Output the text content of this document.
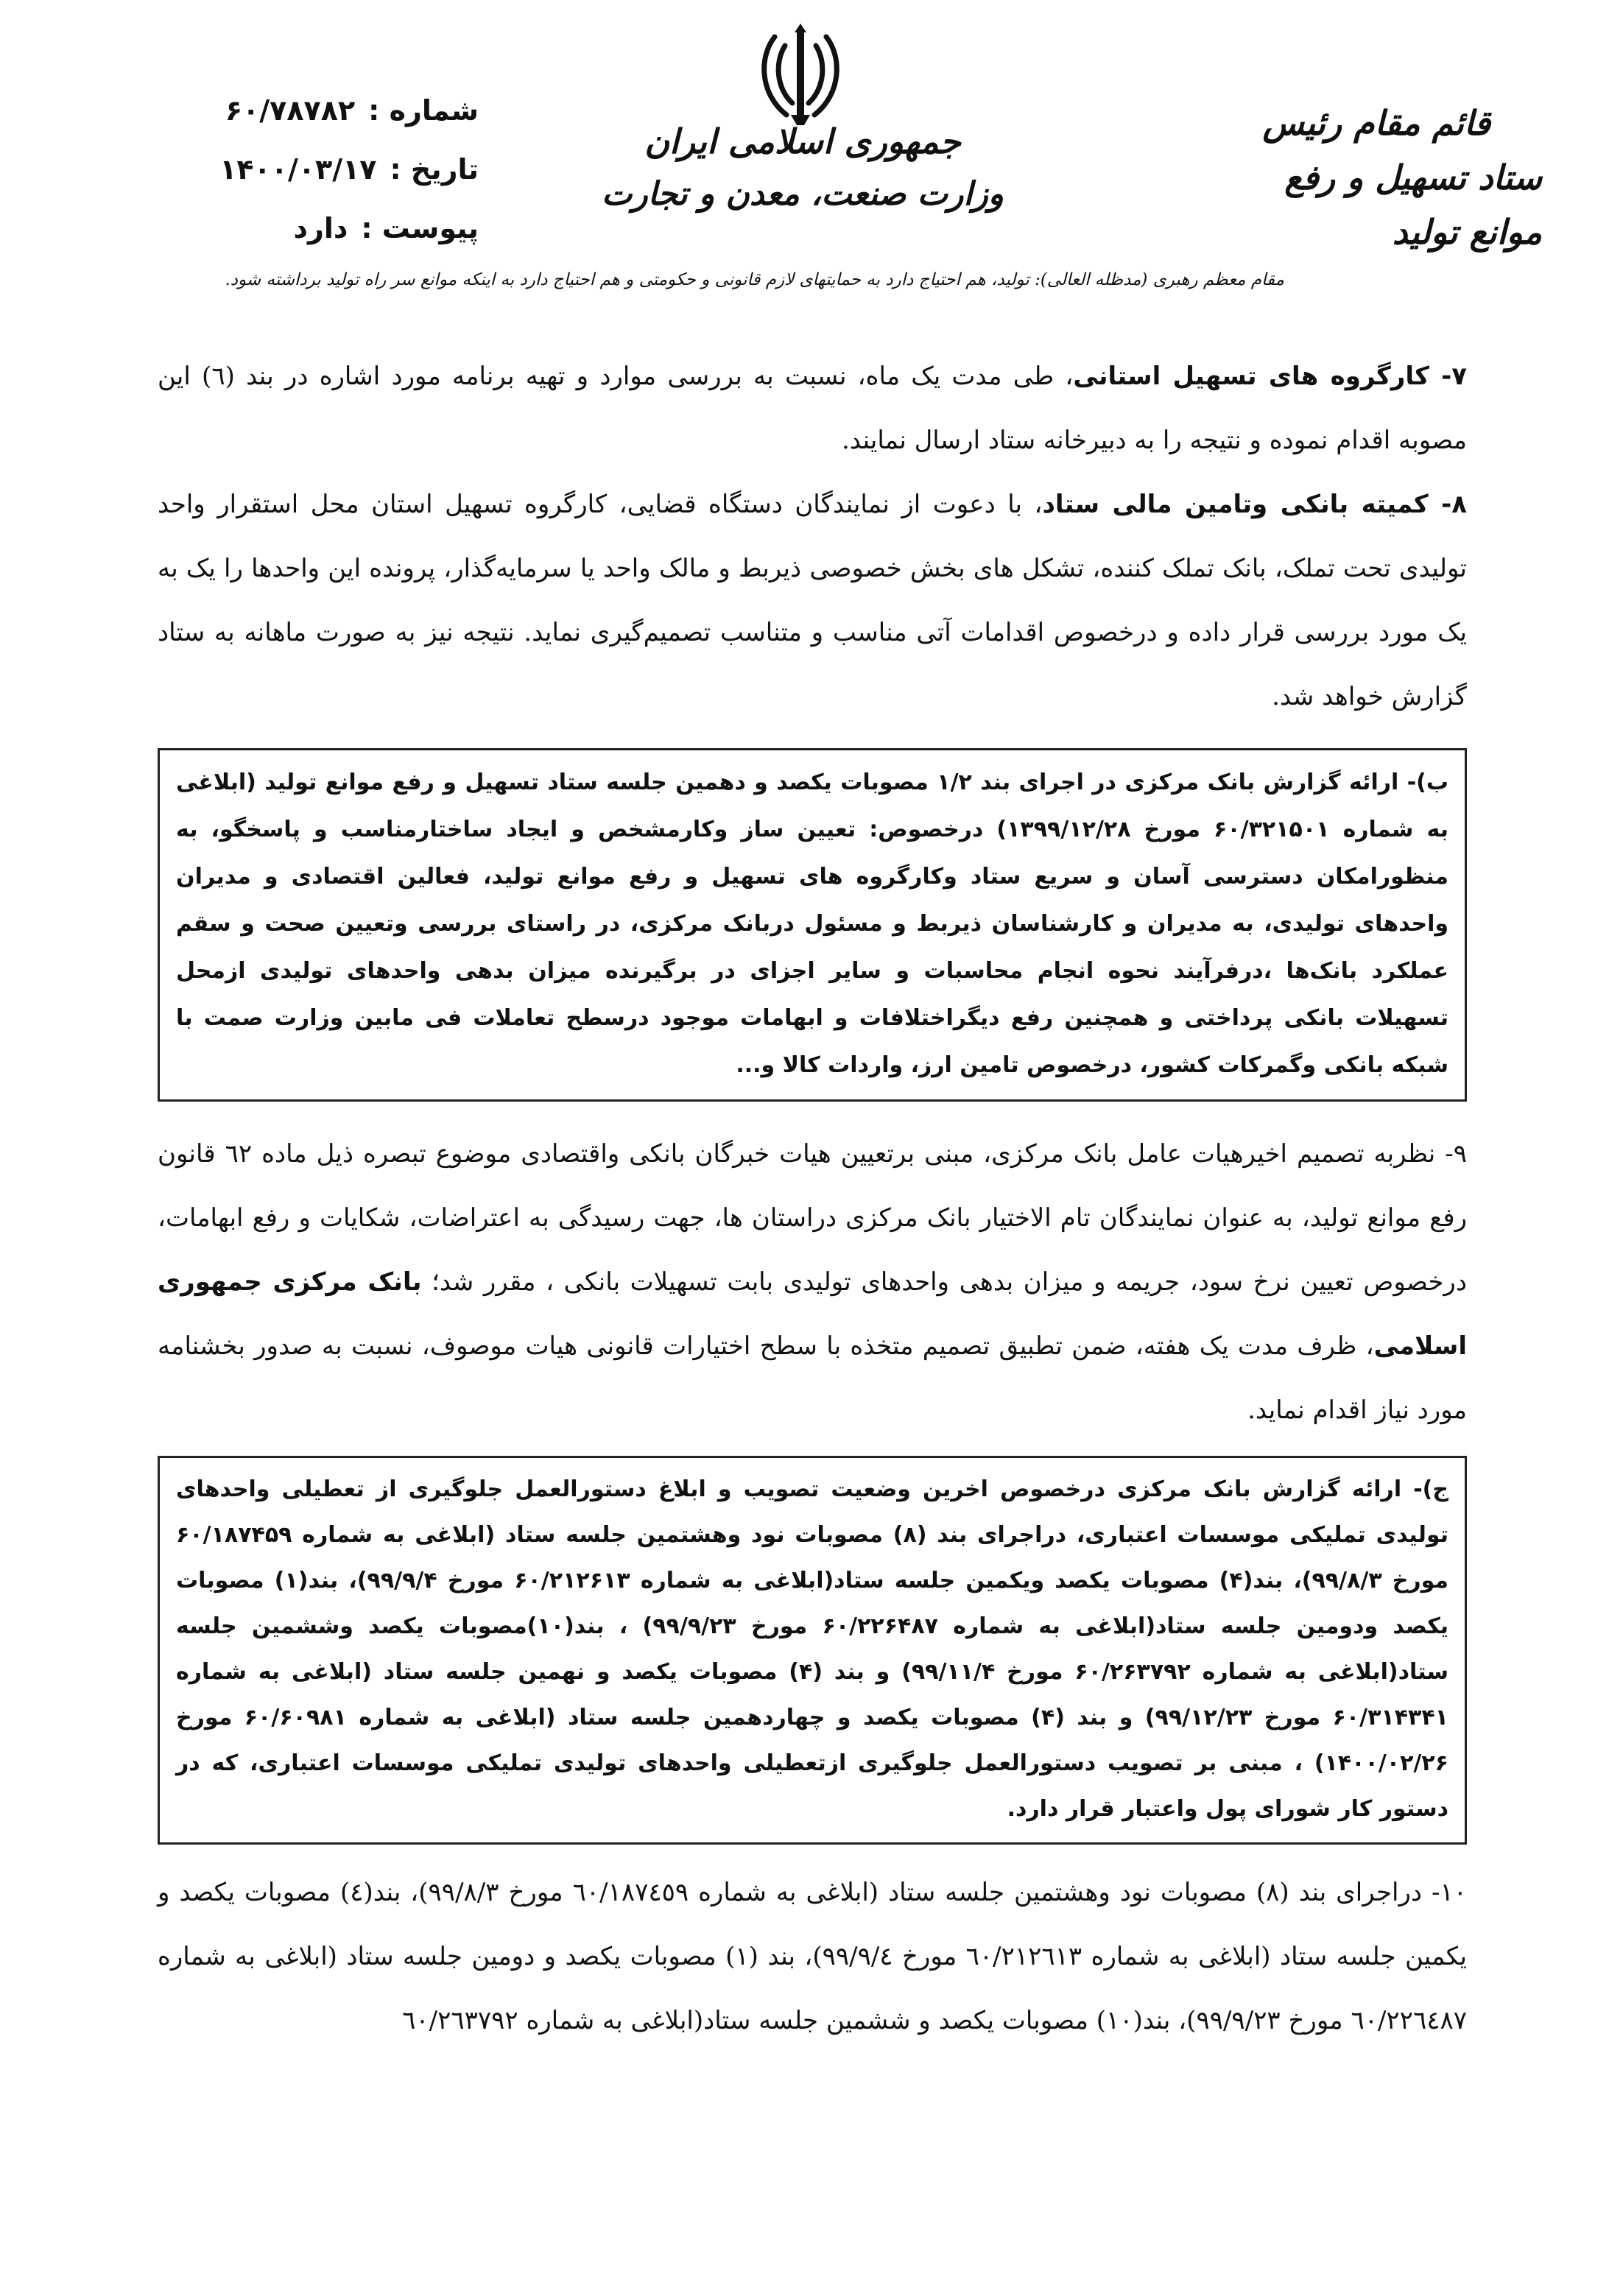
شماره :
۶۰/۷۸۷۸۲
تاریخ :
۱۴۰۰/۰۳/۱۷
پیوست :
دارد
جمهوری اسلامی ایران
وزارت صنعت، معدن و تجارت
قائم مقام رئیس
ستاد تسهیل و رفع موانع تولید
مقام معظم رهبری (مدظله العالی): تولید، هم احتیاج دارد به حمایتهای لازم قانونی و حکومتی و هم احتیاج دارد به اینکه موانع سر راه تولید برداشته شود.

۷- کارگروه های تسهیل استانی، طی مدت یک ماه، نسبت به بررسی موارد و تهیه برنامه مورد اشاره در بند (٦) این مصوبه اقدام نموده و نتیجه را به دبیرخانه ستاد ارسال نمایند.

۸- کمیته بانکی وتامین مالی ستاد، با دعوت از نمایندگان دستگاه قضایی، کارگروه تسهیل استان محل استقرار واحد تولیدی تحت تملک، بانک تملک کننده، تشکل های بخش خصوصی ذیربط و مالک واحد یا سرمایه‌گذار، پرونده این واحدها را یک به یک مورد بررسی قرار داده و درخصوص اقدامات آتی مناسب و متناسب تصمیم‌گیری نماید. نتیجه نیز به صورت ماهانه به ستاد گزارش خواهد شد.

ب)- ارائه گزارش بانک مرکزی در اجرای بند ۱/۲ مصوبات یکصد و دهمین جلسه ستاد تسهیل و رفع موانع تولید (ابلاغی به شماره ۶۰/۳۲۱۵۰۱ مورخ ۱۳۹۹/۱۲/۲۸) درخصوص: تعیین ساز وکارمشخص و ایجاد ساختارمناسب و پاسخگو، به منظورامکان دسترسی آسان و سریع ستاد وکارگروه های تسهیل و رفع موانع تولید، فعالین اقتصادی و مدیران واحدهای تولیدی، به مدیران و کارشناسان ذیربط و مسئول دربانک مرکزی، در راستای بررسی وتعیین صحت و سقم عملکرد بانک‌ها ،درفرآیند نحوه انجام محاسبات و سایر اجزای در برگیرنده میزان بدهی واحدهای تولیدی ازمحل تسهیلات بانکی پرداختی و همچنین رفع دیگراختلافات و ابهامات موجود درسطح تعاملات فی مابین وزارت صمت با شبکه بانکی وگمرکات کشور، درخصوص تامین ارز، واردات کالا و...

۹- نظربه تصمیم اخیرهیات عامل بانک مرکزی، مبنی برتعیین هیات خبرگان بانکی واقتصادی موضوع تبصره ذیل ماده ٦٢ قانون رفع موانع تولید، به عنوان نمایندگان تام الاختیار بانک مرکزی دراستان ها، جهت رسیدگی به اعتراضات، شکایات و رفع ابهامات، درخصوص تعیین نرخ سود، جریمه و میزان بدهی واحدهای تولیدی بابت تسهیلات بانکی ، مقرر شد؛ بانک مرکزی جمهوری اسلامی، ظرف مدت یک هفته، ضمن تطبیق تصمیم متخذه با سطح اختیارات قانونی هیات موصوف، نسبت به صدور بخشنامه مورد نیاز اقدام نماید.

ج)- ارائه گزارش بانک مرکزی درخصوص اخرین وضعیت تصویب و ابلاغ دستورالعمل جلوگیری از تعطیلی واحدهای تولیدی تملیکی موسسات اعتباری، دراجرای بند (۸) مصوبات نود وهشتمین جلسه ستاد (ابلاغی به شماره ۶۰/۱۸۷۴۵۹ مورخ ۹۹/۸/۳)، بند(۴) مصوبات یکصد ویکمین جلسه ستاد(ابلاغی به شماره ۶۰/۲۱۲۶۱۳ مورخ ۹۹/۹/۴)، بند(۱) مصوبات یکصد ودومین جلسه ستاد(ابلاغی به شماره ۶۰/۲۲۶۴۸۷ مورخ ۹۹/۹/۲۳) ، بند(۱۰)مصوبات یکصد وششمین جلسه ستاد(ابلاغی به شماره ۶۰/۲۶۳۷۹۲ مورخ ۹۹/۱۱/۴) و بند (۴) مصوبات یکصد و نهمین جلسه ستاد (ابلاغی به شماره ۶۰/۳۱۴۳۴۱ مورخ ۹۹/۱۲/۲۳) و بند (۴) مصوبات یکصد و چهاردهمین جلسه ستاد (ابلاغی به شماره ۶۰/۶۰۹۸۱ مورخ ۱۴۰۰/۰۲/۲۶) ، مبنی بر تصویب دستورالعمل جلوگیری ازتعطیلی واحدهای تولیدی تملیکی موسسات اعتباری، که در دستور کار شورای پول واعتبار قرار دارد.

۱۰- دراجرای بند (۸) مصوبات نود وهشتمین جلسه ستاد (ابلاغی به شماره ٦٠/١٨٧٤٥٩ مورخ ٩٩/٨/٣)، بند(٤) مصوبات یکصد و یکمین جلسه ستاد (ابلاغی به شماره ٦٠/٢١٢٦١٣ مورخ ٩٩/٩/٤)، بند (١) مصوبات یکصد و دومین جلسه ستاد (ابلاغی به شماره ٦٠/٢٢٦٤٨٧ مورخ ٩٩/٩/٢٣)، بند(١٠) مصوبات یکصد و ششمین جلسه ستاد(ابلاغی به شماره ٦٠/٢٦٣٧٩٢
